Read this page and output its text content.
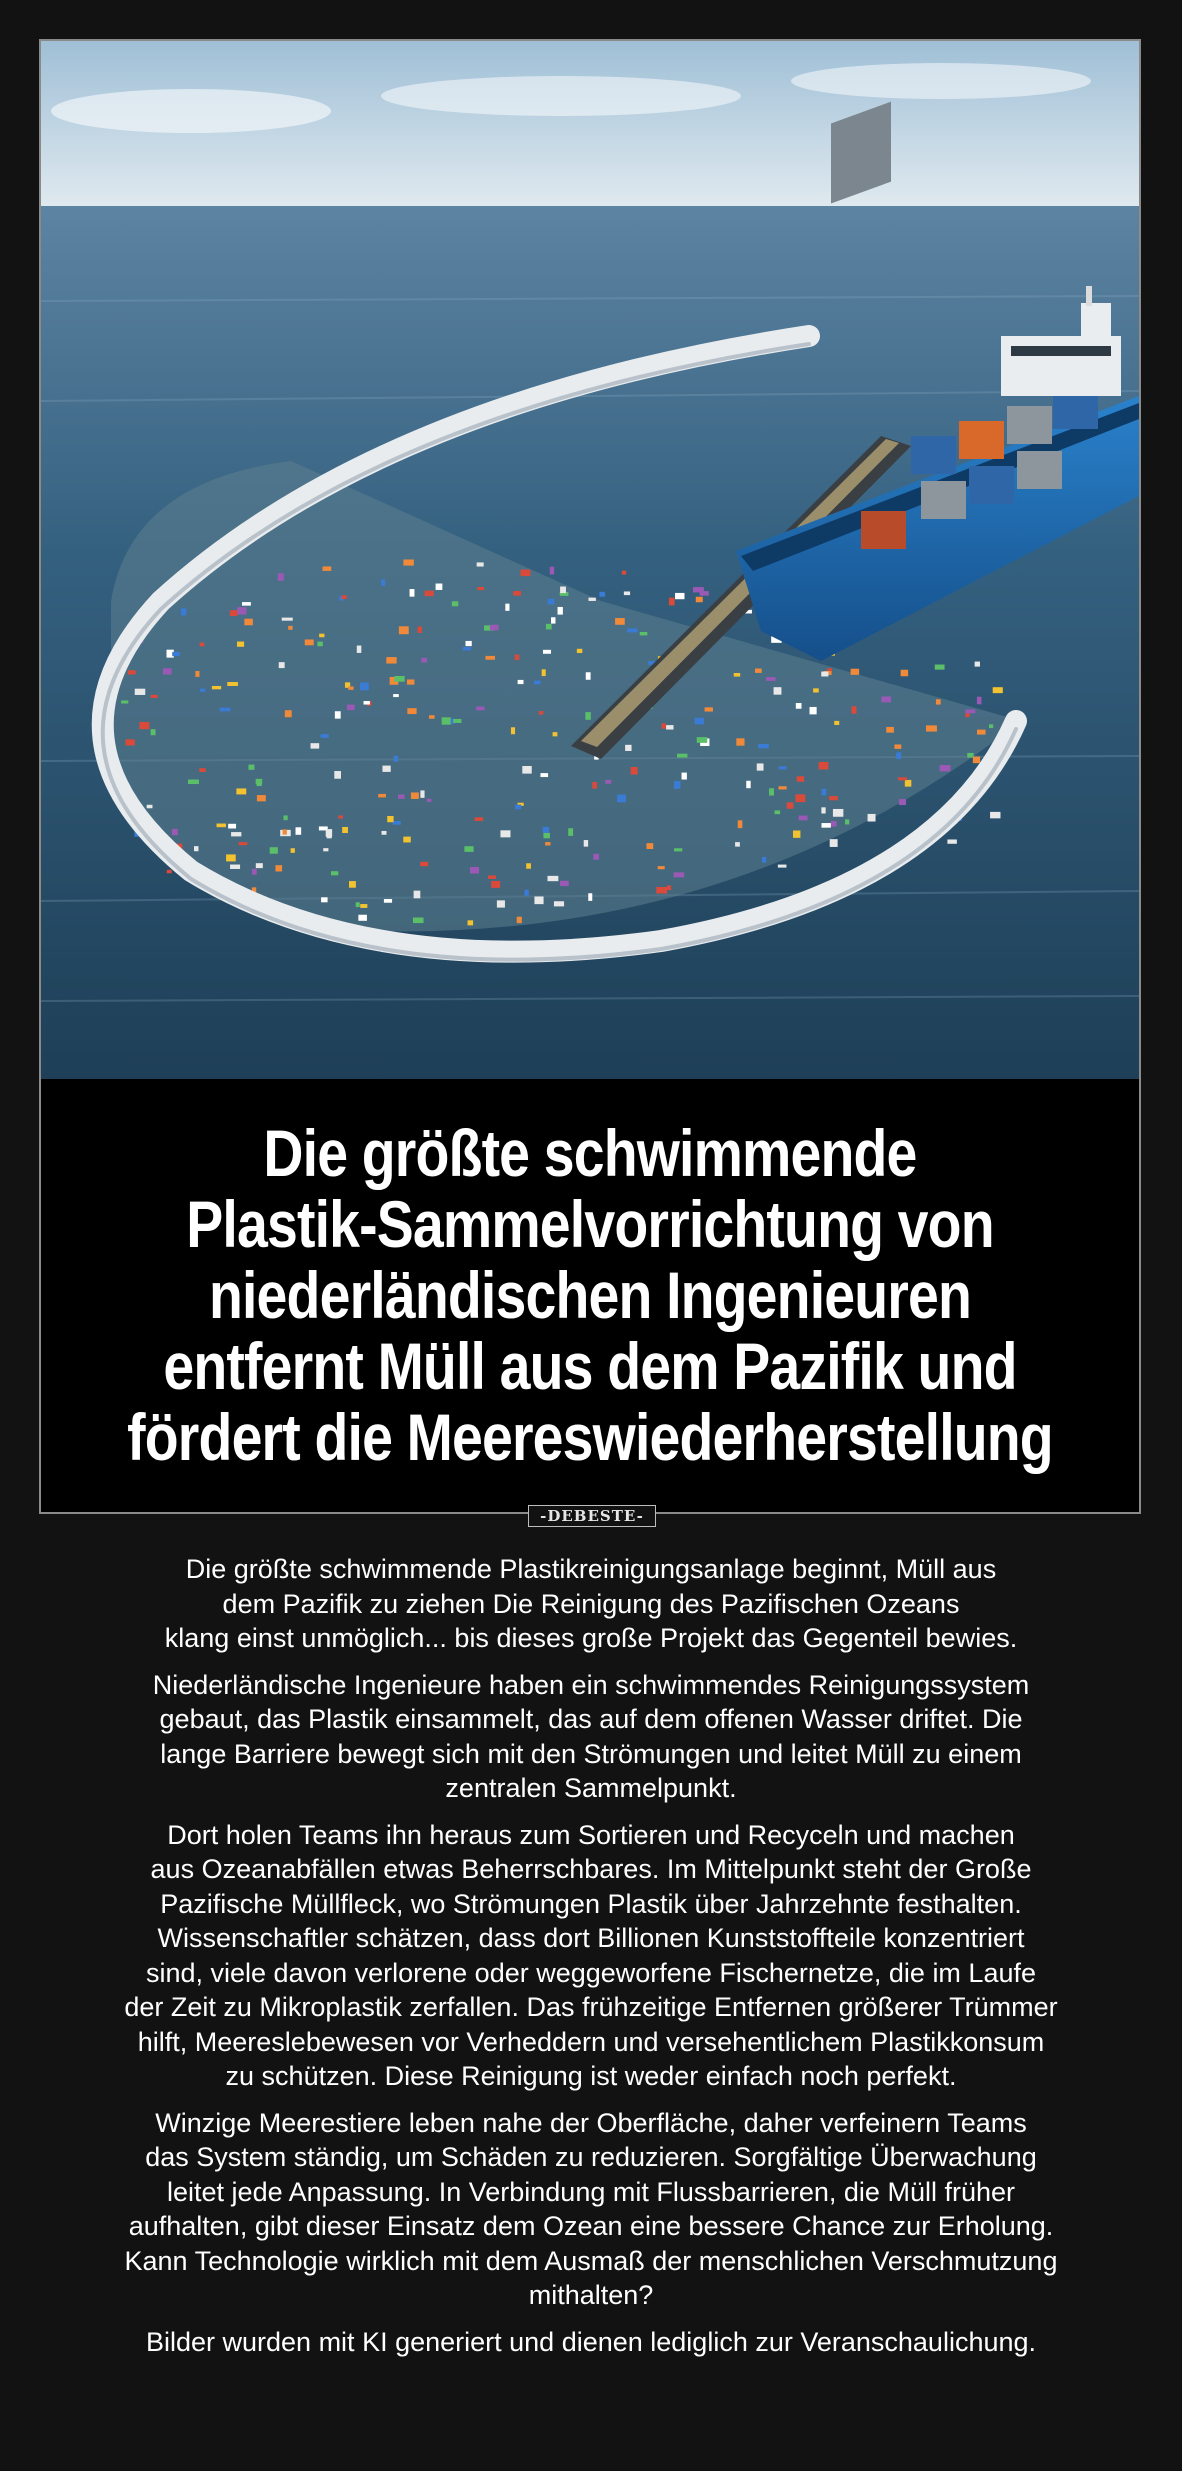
Die größte schwimmende
Plastik-Sammelvorrichtung von
niederländischen Ingenieuren
entfernt Müll aus dem Pazifik und
fördert die Meereswiederherstellung
-DEBESTE-

Die größte schwimmende Plastikreinigungsanlage beginnt, Müll aus
dem Pazifik zu ziehen Die Reinigung des Pazifischen Ozeans
klang einst unmöglich... bis dieses große Projekt das Gegenteil bewies.

Niederländische Ingenieure haben ein schwimmendes Reinigungssystem
gebaut, das Plastik einsammelt, das auf dem offenen Wasser driftet. Die
lange Barriere bewegt sich mit den Strömungen und leitet Müll zu einem
zentralen Sammelpunkt.

Dort holen Teams ihn heraus zum Sortieren und Recyceln und machen
aus Ozeanabfällen etwas Beherrschbares. Im Mittelpunkt steht der Große
Pazifische Müllfleck, wo Strömungen Plastik über Jahrzehnte festhalten.
Wissenschaftler schätzen, dass dort Billionen Kunststoffteile konzentriert
sind, viele davon verlorene oder weggeworfene Fischernetze, die im Laufe
der Zeit zu Mikroplastik zerfallen. Das frühzeitige Entfernen größerer Trümmer
hilft, Meereslebewesen vor Verheddern und versehentlichem Plastikkonsum
zu schützen. Diese Reinigung ist weder einfach noch perfekt.

Winzige Meerestiere leben nahe der Oberfläche, daher verfeinern Teams
das System ständig, um Schäden zu reduzieren. Sorgfältige Überwachung
leitet jede Anpassung. In Verbindung mit Flussbarrieren, die Müll früher
aufhalten, gibt dieser Einsatz dem Ozean eine bessere Chance zur Erholung.
Kann Technologie wirklich mit dem Ausmaß der menschlichen Verschmutzung
mithalten?

Bilder wurden mit KI generiert und dienen lediglich zur Veranschaulichung.
